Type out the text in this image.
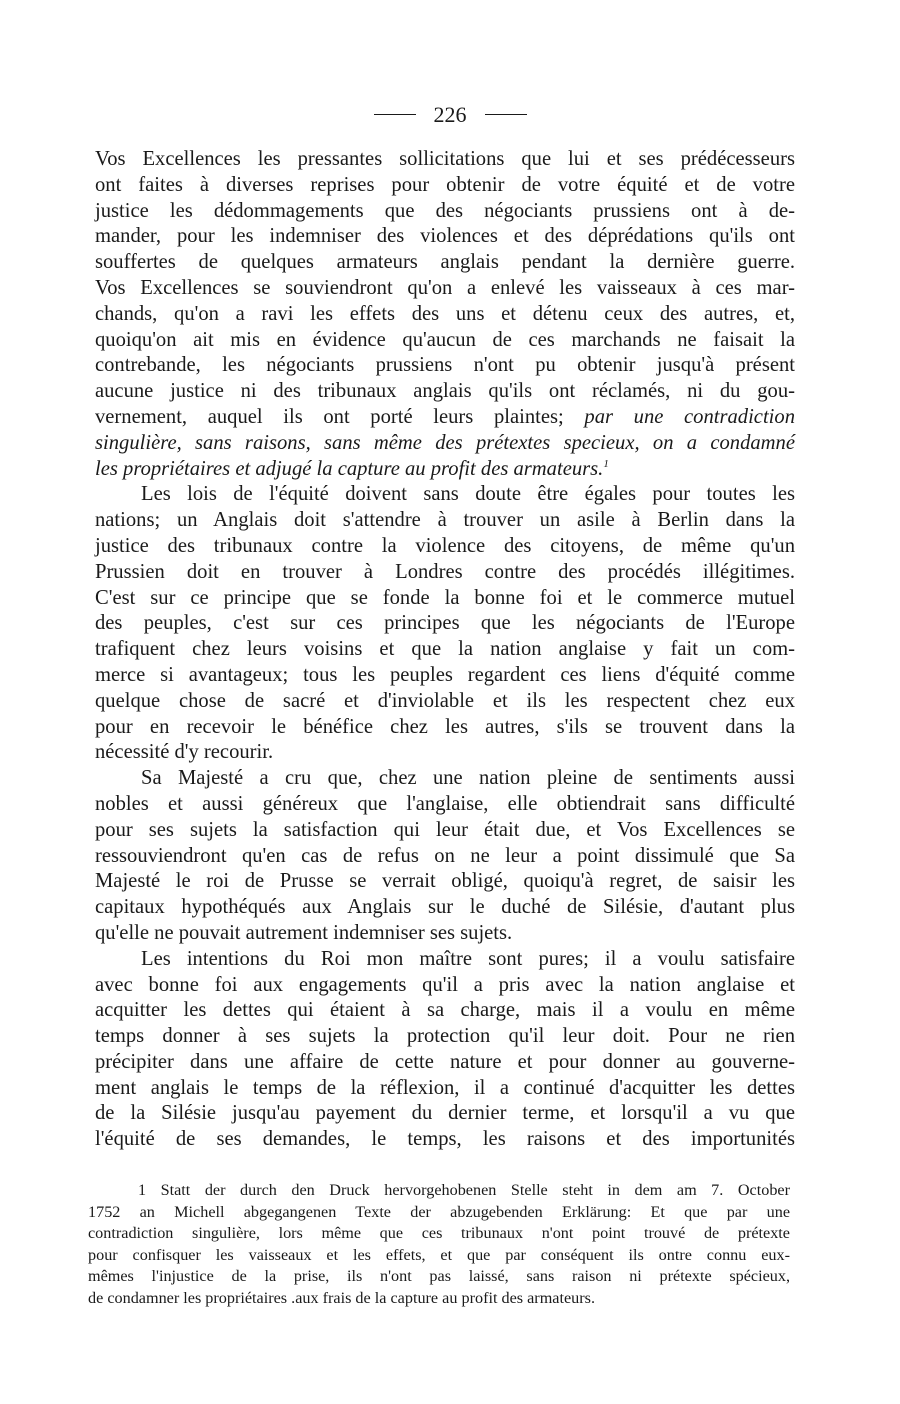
226
Vos Excellences les pressantes sollicitations que lui et ses prédécesseurs
ont faites à diverses reprises pour obtenir de votre équité et de votre
justice les dédommagements que des négociants prussiens ont à de-
mander, pour les indemniser des violences et des déprédations qu'ils ont
souffertes de quelques armateurs anglais pendant la dernière guerre.
Vos Excellences se souviendront qu'on a enlevé les vaisseaux à ces mar-
chands, qu'on a ravi les effets des uns et détenu ceux des autres, et,
quoiqu'on ait mis en évidence qu'aucun de ces marchands ne faisait la
contrebande, les négociants prussiens n'ont pu obtenir jusqu'à présent
aucune justice ni des tribunaux anglais qu'ils ont réclamés, ni du gou-
vernement, auquel ils ont porté leurs plaintes; par une contradiction
singulière, sans raisons, sans même des prétextes specieux, on a condamné
les propriétaires et adjugé la capture au profit des armateurs.$^1$
Les lois de l'équité doivent sans doute être égales pour toutes les
nations; un Anglais doit s'attendre à trouver un asile à Berlin dans la
justice des tribunaux contre la violence des citoyens, de même qu'un
Prussien doit en trouver à Londres contre des procédés illégitimes.
C'est sur ce principe que se fonde la bonne foi et le commerce mutuel
des peuples, c'est sur ces principes que les négociants de l'Europe
trafiquent chez leurs voisins et que la nation anglaise y fait un com-
merce si avantageux; tous les peuples regardent ces liens d'équité comme
quelque chose de sacré et d'inviolable et ils les respectent chez eux
pour en recevoir le bénéfice chez les autres, s'ils se trouvent dans la
nécessité d'y recourir.
Sa Majesté a cru que, chez une nation pleine de sentiments aussi
nobles et aussi généreux que l'anglaise, elle obtiendrait sans difficulté
pour ses sujets la satisfaction qui leur était due, et Vos Excellences se
ressouviendront qu'en cas de refus on ne leur a point dissimulé que Sa
Majesté le roi de Prusse se verrait obligé, quoiqu'à regret, de saisir les
capitaux hypothéqués aux Anglais sur le duché de Silésie, d'autant plus
qu'elle ne pouvait autrement indemniser ses sujets.
Les intentions du Roi mon maître sont pures; il a voulu satisfaire
avec bonne foi aux engagements qu'il a pris avec la nation anglaise et
acquitter les dettes qui étaient à sa charge, mais il a voulu en même
temps donner à ses sujets la protection qu'il leur doit. Pour ne rien
précipiter dans une affaire de cette nature et pour donner au gouverne-
ment anglais le temps de la réflexion, il a continué d'acquitter les dettes
de la Silésie jusqu'au payement du dernier terme, et lorsqu'il a vu que
l'équité de ses demandes, le temps, les raisons et des importunités
1 Statt der durch den Druck hervorgehobenen Stelle steht in dem am 7. October
1752 an Michell abgegangenen Texte der abzugebenden Erklärung: Et que par une
contradiction singulière, lors même que ces tribunaux n'ont point trouvé de prétexte
pour confisquer les vaisseaux et les effets, et que par conséquent ils ontre connu eux-
mêmes l'injustice de la prise, ils n'ont pas laissé, sans raison ni prétexte spécieux,
de condamner les propriétaires .aux frais de la capture au profit des armateurs.
